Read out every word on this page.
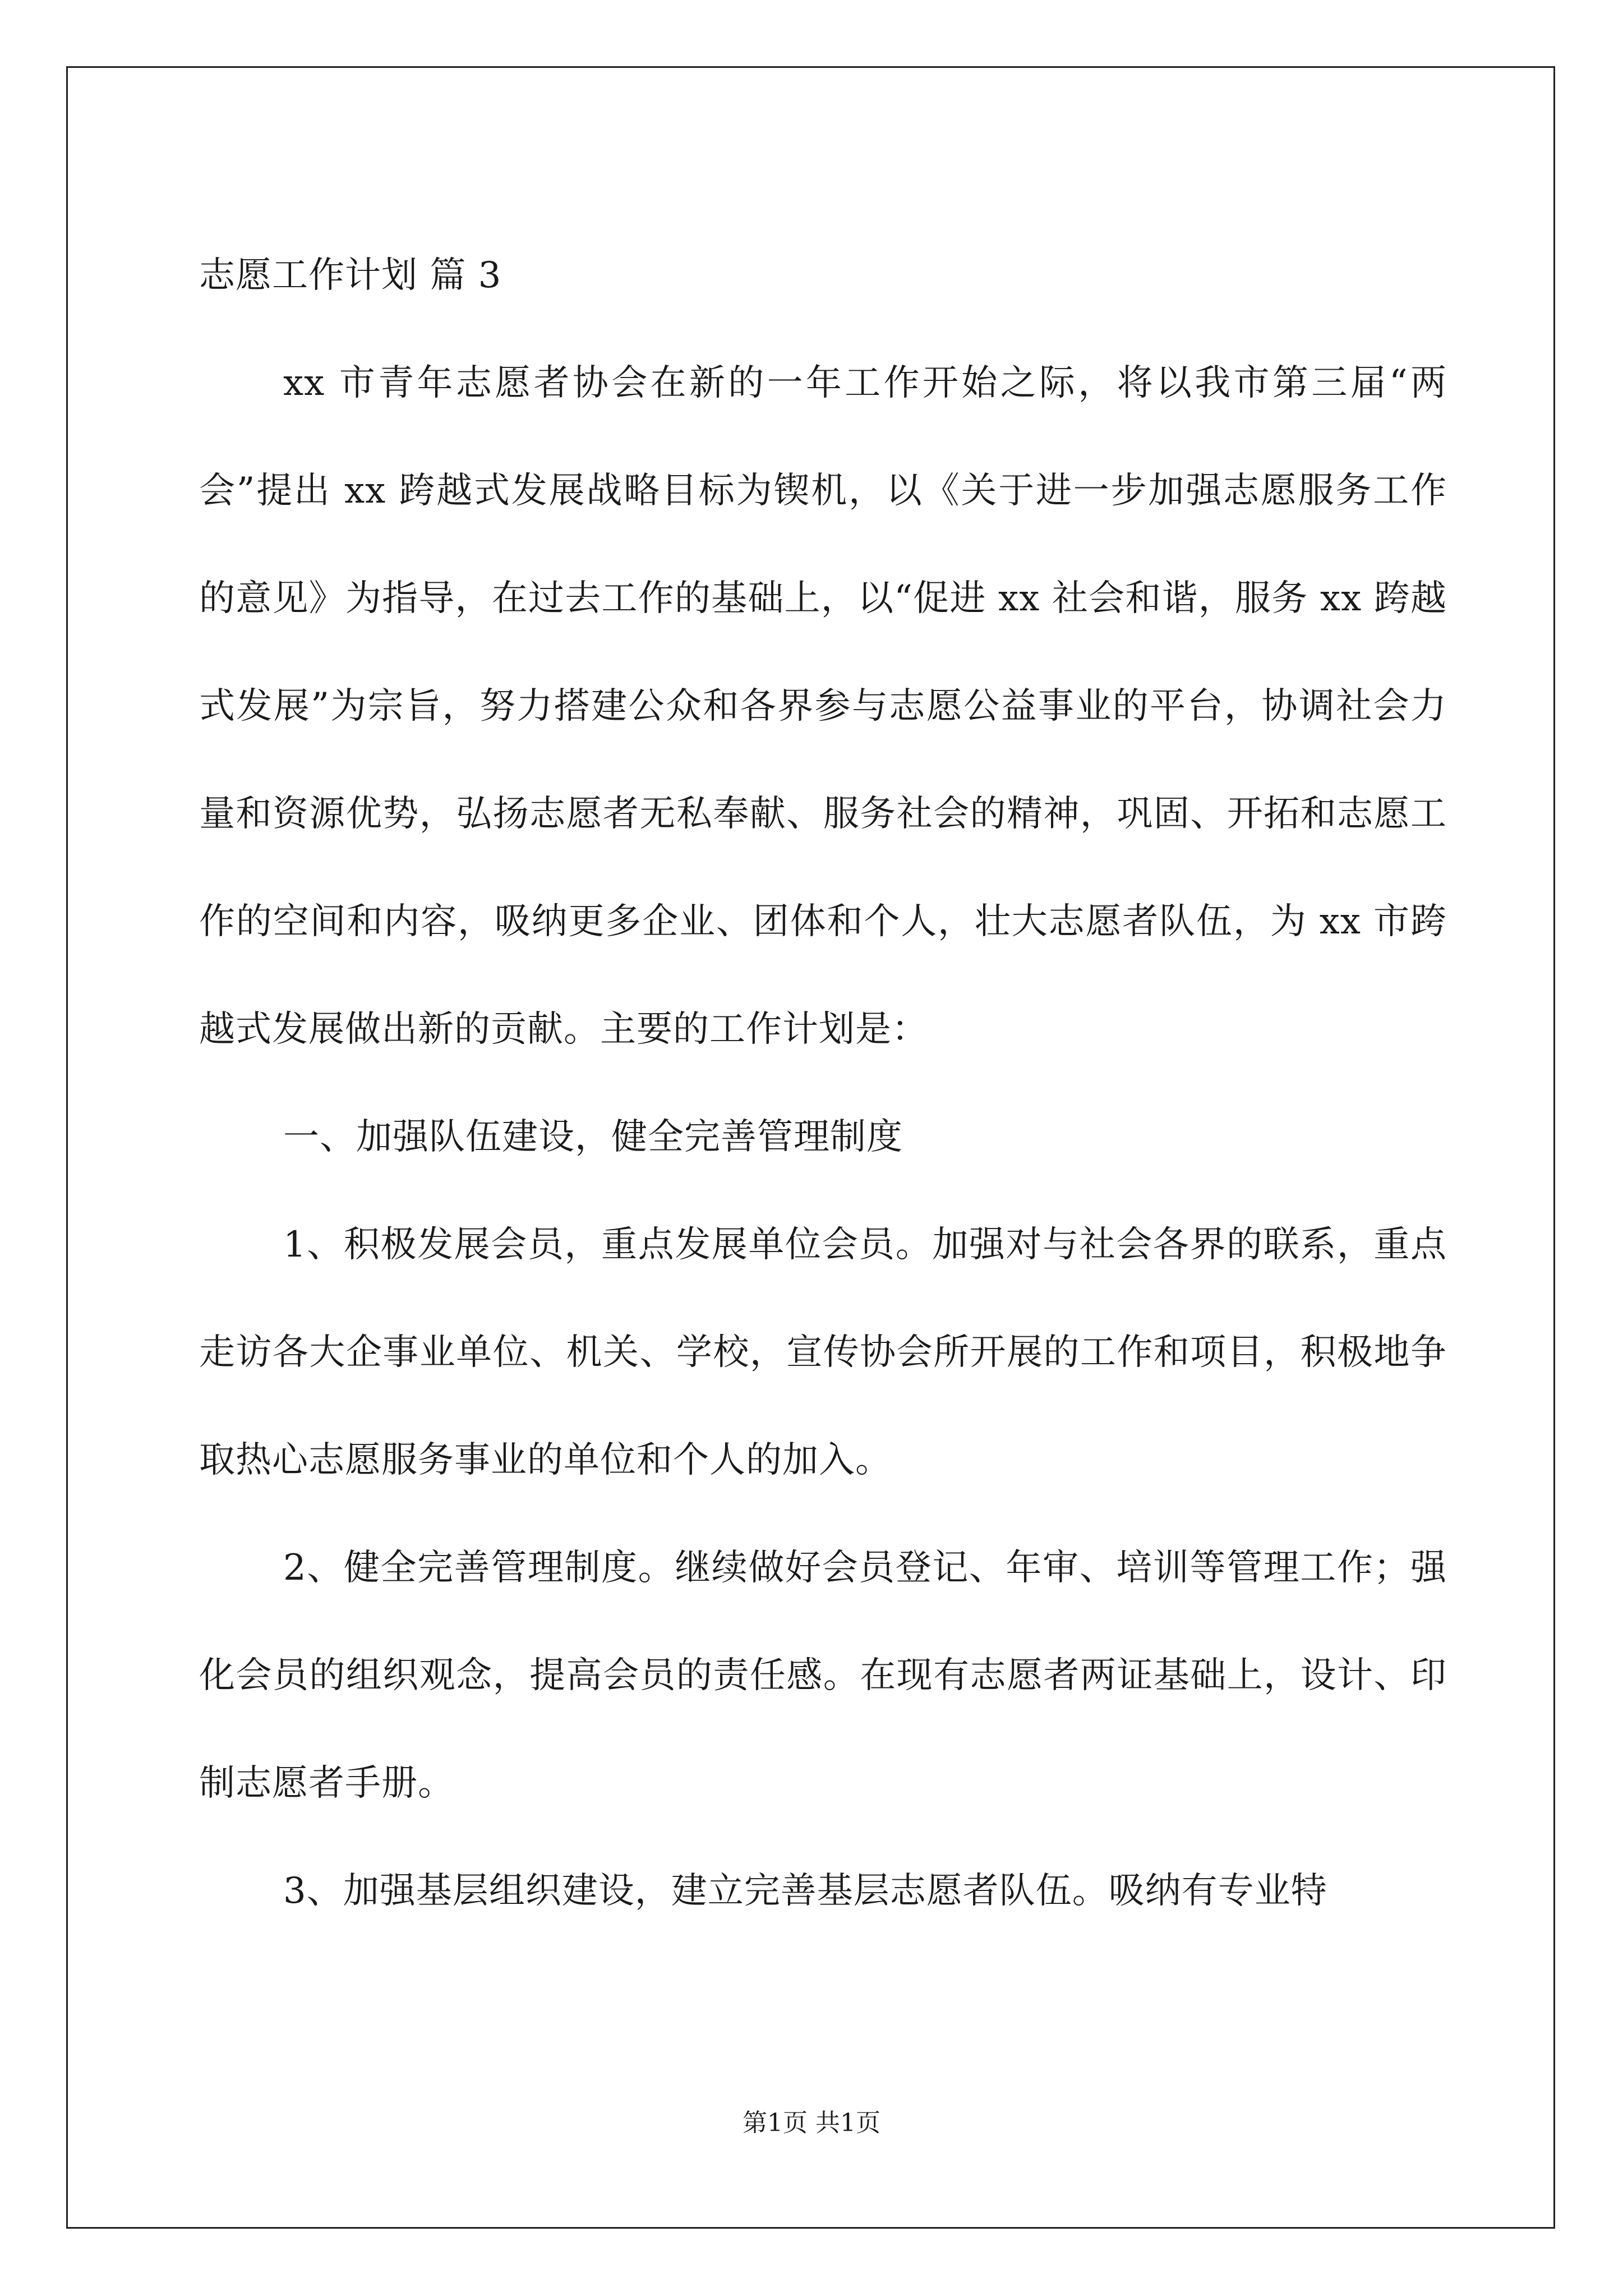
志愿工作计划 篇 3

xx 市青年志愿者协会在新的一年工作开始之际，将以我市第三届“两会”提出 xx 跨越式发展战略目标为锲机，以《关于进一步加强志愿服务工作的意见》为指导，在过去工作的基础上，以“促进 xx 社会和谐，服务 xx 跨越式发展”为宗旨，努力搭建公众和各界参与志愿公益事业的平台，协调社会力量和资源优势，弘扬志愿者无私奉献、服务社会的精神，巩固、开拓和志愿工作的空间和内容，吸纳更多企业、团体和个人，壮大志愿者队伍，为 xx 市跨越式发展做出新的贡献。主要的工作计划是：

一、加强队伍建设，健全完善管理制度

1、积极发展会员，重点发展单位会员。加强对与社会各界的联系，重点走访各大企事业单位、机关、学校，宣传协会所开展的工作和项目，积极地争取热心志愿服务事业的单位和个人的加入。

2、健全完善管理制度。继续做好会员登记、年审、培训等管理工作；强化会员的组织观念，提高会员的责任感。在现有志愿者两证基础上，设计、印制志愿者手册。

3、加强基层组织建设，建立完善基层志愿者队伍。吸纳有专业特

第1页 共1页
